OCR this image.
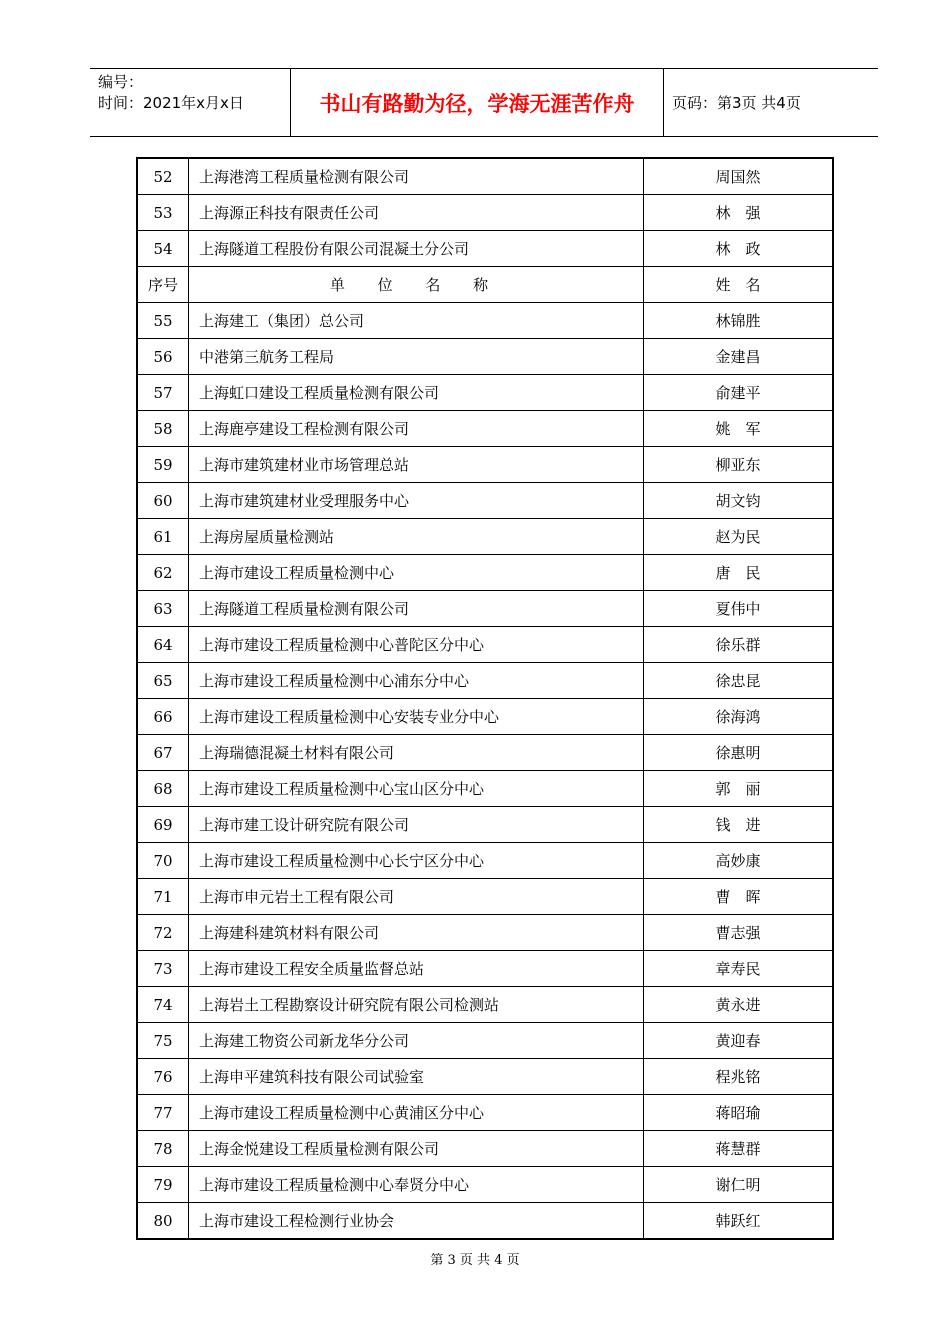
编号：
时间：2021年x月x日	书山有路勤为径，学海无涯苦作舟	页码：第3页 共4页
52	上海港湾工程质量检测有限公司	周国然
53	上海源正科技有限责任公司	林　强
54	上海隧道工程股份有限公司混凝土分公司	林　政
序号	单 位 名 称	姓　名
55	上海建工（集团）总公司	林锦胜
56	中港第三航务工程局	金建昌
57	上海虹口建设工程质量检测有限公司	俞建平
58	上海鹿亭建设工程检测有限公司	姚　军
59	上海市建筑建材业市场管理总站	柳亚东
60	上海市建筑建材业受理服务中心	胡文钧
61	上海房屋质量检测站	赵为民
62	上海市建设工程质量检测中心	唐　民
63	上海隧道工程质量检测有限公司	夏伟中
64	上海市建设工程质量检测中心普陀区分中心	徐乐群
65	上海市建设工程质量检测中心浦东分中心	徐忠昆
66	上海市建设工程质量检测中心安装专业分中心	徐海鸿
67	上海瑞德混凝土材料有限公司	徐惠明
68	上海市建设工程质量检测中心宝山区分中心	郭　丽
69	上海市建工设计研究院有限公司	钱　进
70	上海市建设工程质量检测中心长宁区分中心	高妙康
71	上海市申元岩土工程有限公司	曹　晖
72	上海建科建筑材料有限公司	曹志强
73	上海市建设工程安全质量监督总站	章寿民
74	上海岩土工程勘察设计研究院有限公司检测站	黄永进
75	上海建工物资公司新龙华分公司	黄迎春
76	上海申平建筑科技有限公司试验室	程兆铭
77	上海市建设工程质量检测中心黄浦区分中心	蒋昭瑜
78	上海金悦建设工程质量检测有限公司	蒋慧群
79	上海市建设工程质量检测中心奉贤分中心	谢仁明
80	上海市建设工程检测行业协会	韩跃红
第 3 页 共 4 页
